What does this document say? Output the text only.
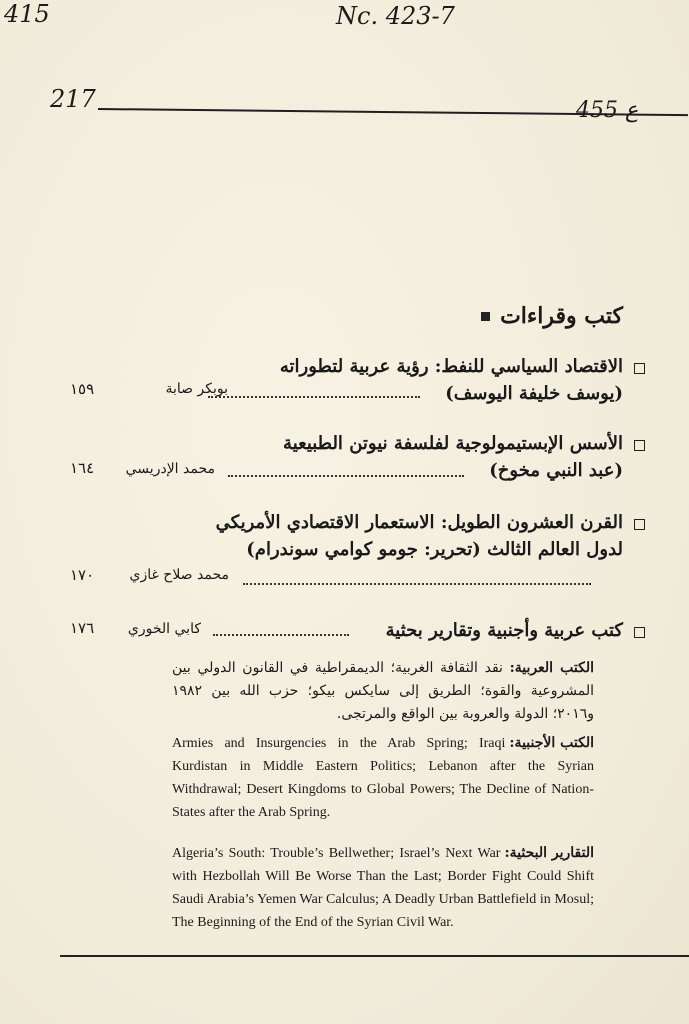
415	Nc. 423-7
217	455 ع
كتب وقراءات
الاقتصاد السياسي للنفط: رؤية عربية لتطوراته
(يوسف خليفة اليوسف)
بوبكر صابة
١٥٩
الأسس الإبستيمولوجية لفلسفة نيوتن الطبيعية
(عبد النبي مخوخ)
محمد الإدريسي
١٦٤
القرن العشرون الطويل: الاستعمار الاقتصادي الأمريكي
لدول العالم الثالث (تحرير: جومو كوامي سوندرام)
محمد صلاح غازي
١٧٠
كتب عربية وأجنبية وتقارير بحثية
كابي الخوري
١٧٦
الكتب العربية: نقد الثقافة الغربية؛ الديمقراطية في القانون الدولي بين المشروعية والقوة؛ الطريق إلى سايكس بيكو؛ حزب الله بين ١٩٨٢ و٢٠١٦؛ الدولة والعروبة بين الواقع والمرتجى.
الكتب الأجنبية:
Armies and Insurgencies in the Arab Spring; Iraqi Kurdistan in Middle Eastern Politics; Lebanon after the Syrian Withdrawal; Desert Kingdoms to Global Powers; The Decline of Nation-States after the Arab Spring.
التقارير البحثية:
Algeria’s South: Trouble’s Bellwether; Israel’s Next War with Hezbollah Will Be Worse Than the Last; Border Fight Could Shift Saudi Arabia’s Yemen War Calculus; A Deadly Urban Battlefield in Mosul; The Beginning of the End of the Syrian Civil War.
